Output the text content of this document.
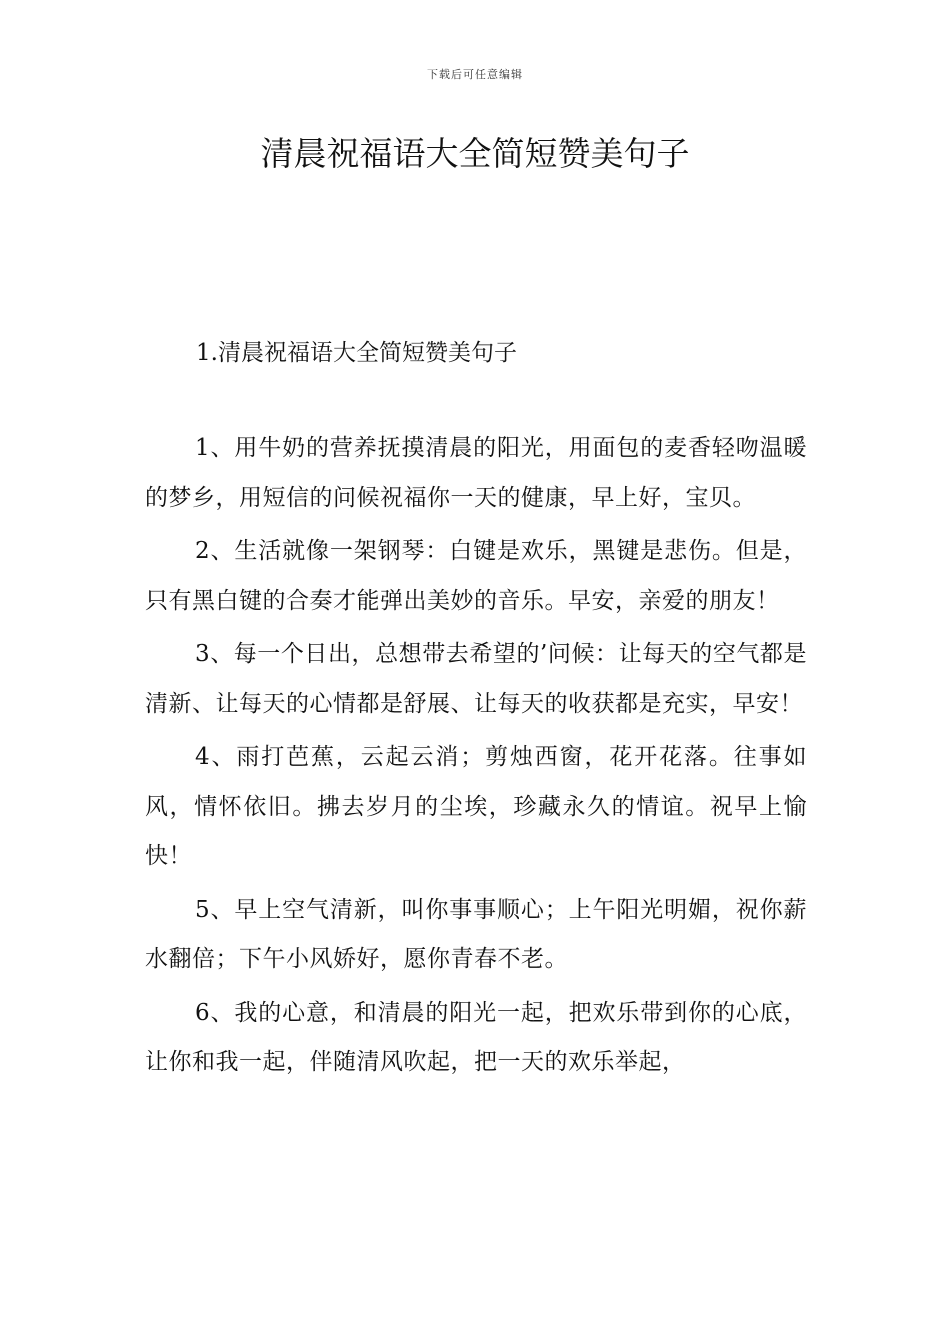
下载后可任意编辑
清晨祝福语大全简短赞美句子
1.清晨祝福语大全简短赞美句子

1、用牛奶的营养抚摸清晨的阳光，用面包的麦香轻吻温暖的梦乡，用短信的问候祝福你一天的健康，早上好，宝贝。

2、生活就像一架钢琴：白键是欢乐，黑键是悲伤。但是，只有黑白键的合奏才能弹出美妙的音乐。早安，亲爱的朋友！

3、每一个日出，总想带去希望的’问候：让每天的空气都是清新、让每天的心情都是舒展、让每天的收获都是充实，早安！

4、雨打芭蕉，云起云消；剪烛西窗，花开花落。往事如风，情怀依旧。拂去岁月的尘埃，珍藏永久的情谊。祝早上愉快！

5、早上空气清新，叫你事事顺心；上午阳光明媚，祝你薪水翻倍；下午小风娇好，愿你青春不老。

6、我的心意，和清晨的阳光一起，把欢乐带到你的心底，让你和我一起，伴随清风吹起，把一天的欢乐举起，
